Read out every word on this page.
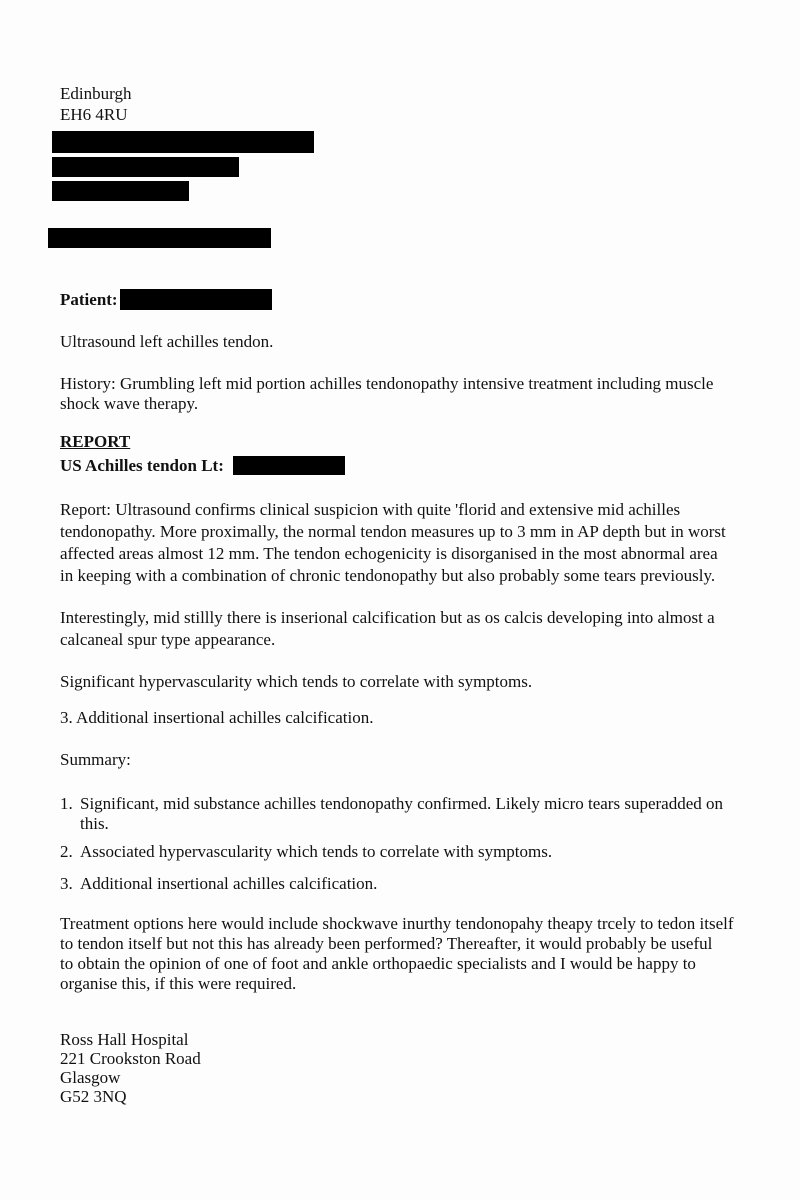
Edinburgh
EH6 4RU
Patient:
Ultrasound left achilles tendon.
History: Grumbling left mid portion achilles tendonopathy intensive treatment including muscle
shock wave therapy.
REPORT
US Achilles tendon Lt:
Report: Ultrasound confirms clinical suspicion with quite 'florid and extensive mid achilles
tendonopathy. More proximally, the normal tendon measures up to 3 mm in AP depth but in worst
affected areas almost 12 mm. The tendon echogenicity is disorganised in the most abnormal area
in keeping with a combination of chronic tendonopathy but also probably some tears previously.
Interestingly, mid stillly there is inserional calcification but as os calcis developing into almost a
calcaneal spur type appearance.
Significant hypervascularity which tends to correlate with symptoms.
3. Additional insertional achilles calcification.
Summary:
1. Significant, mid substance achilles tendonopathy confirmed. Likely micro tears superadded on
this.
2. Associated hypervascularity which tends to correlate with symptoms.
3. Additional insertional achilles calcification.
Treatment options here would include shockwave inurthy tendonopahy theapy trcely to tedon itself
to tendon itself but not this has already been performed? Thereafter, it would probably be useful
to obtain the opinion of one of foot and ankle orthopaedic specialists and I would be happy to
organise this, if this were required.
Ross Hall Hospital
221 Crookston Road
Glasgow
G52 3NQ
